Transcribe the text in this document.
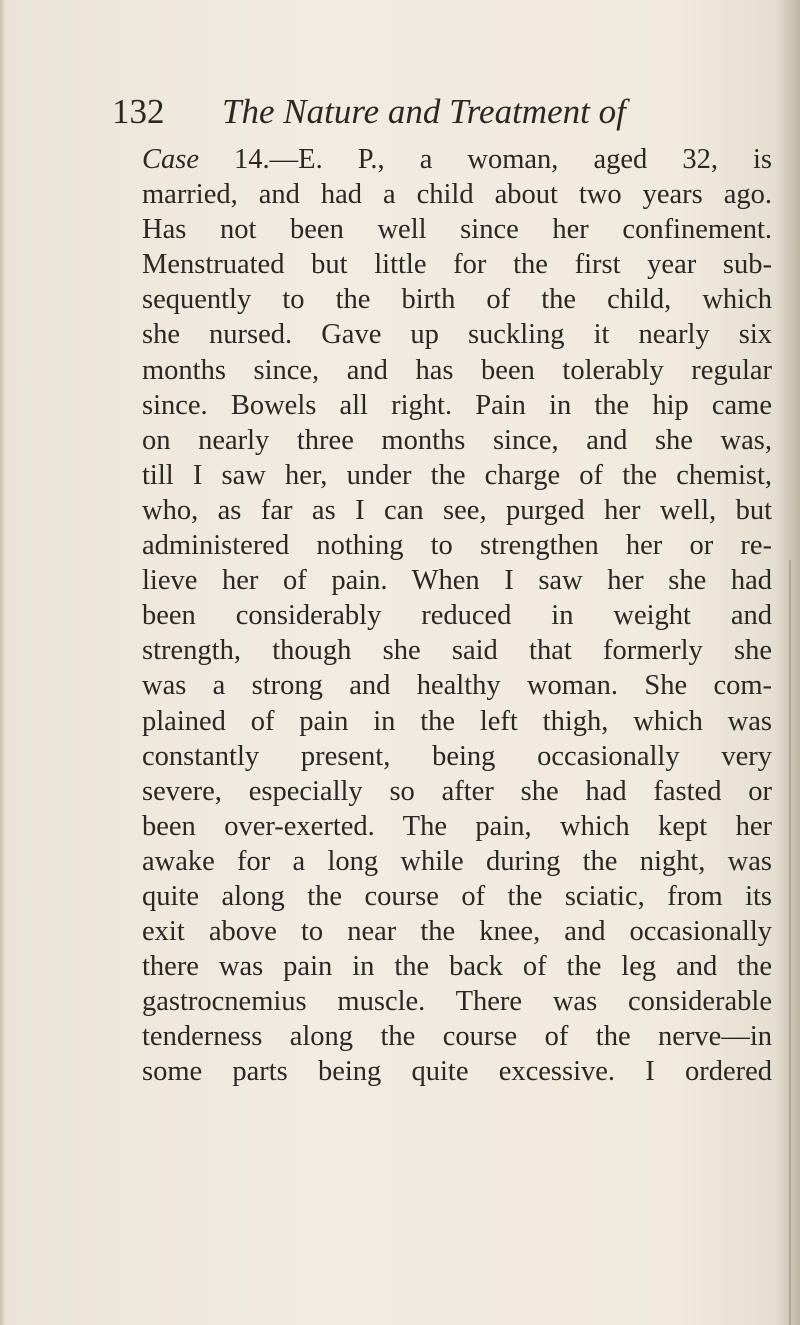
132 The Nature and Treatment of
Case 14.—E. P., a woman, aged 32, is
married, and had a child about two years ago.
Has not been well since her confinement.
Menstruated but little for the first year sub-
sequently to the birth of the child, which
she nursed. Gave up suckling it nearly six
months since, and has been tolerably regular
since. Bowels all right. Pain in the hip came
on nearly three months since, and she was,
till I saw her, under the charge of the chemist,
who, as far as I can see, purged her well, but
administered nothing to strengthen her or re-
lieve her of pain. When I saw her she had
been considerably reduced in weight and
strength, though she said that formerly she
was a strong and healthy woman. She com-
plained of pain in the left thigh, which was
constantly present, being occasionally very
severe, especially so after she had fasted or
been over-exerted. The pain, which kept her
awake for a long while during the night, was
quite along the course of the sciatic, from its
exit above to near the knee, and occasionally
there was pain in the back of the leg and the
gastrocnemius muscle. There was considerable
tenderness along the course of the nerve—in
some parts being quite excessive. I ordered
